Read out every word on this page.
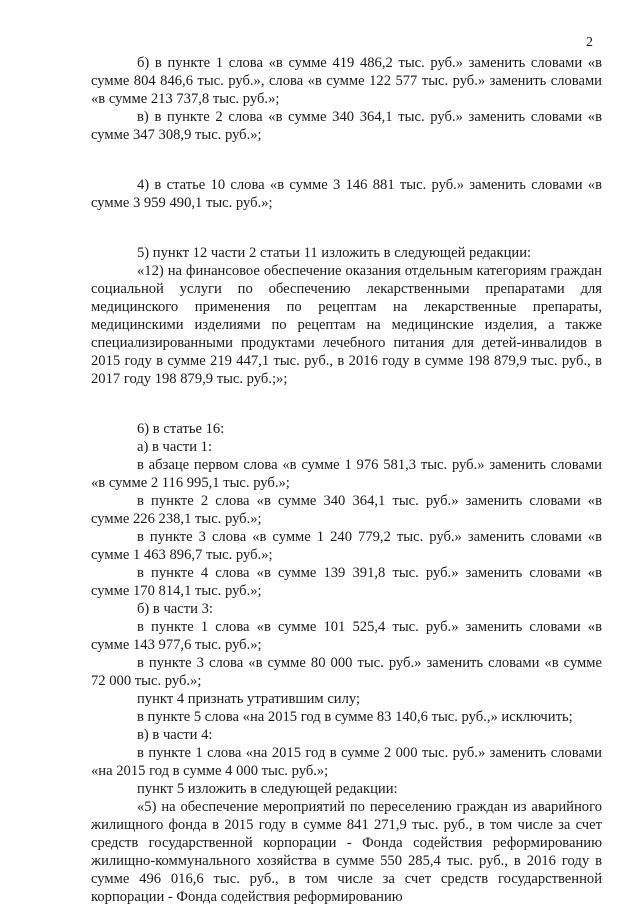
2

б) в пункте 1 слова «в сумме 419 486,2 тыс. руб.» заменить словами «в сумме 804 846,6 тыс. руб.», слова «в сумме 122 577 тыс. руб.» заменить словами «в сумме 213 737,8 тыс. руб.»;

в) в пункте 2 слова «в сумме 340 364,1 тыс. руб.» заменить словами «в сумме 347 308,9 тыс. руб.»;

4) в статье 10 слова «в сумме 3 146 881 тыс. руб.» заменить словами «в сумме 3 959 490,1 тыс. руб.»;

5) пункт 12 части 2 статьи 11 изложить в следующей редакции:

«12) на финансовое обеспечение оказания отдельным категориям граждан социальной услуги по обеспечению лекарственными препаратами для медицинского применения по рецептам на лекарственные препараты, медицинскими изделиями по рецептам на медицинские изделия, а также специализированными продуктами лечебного питания для детей-инвалидов в 2015 году в сумме 219 447,1 тыс. руб., в 2016 году в сумме 198 879,9 тыс. руб., в 2017 году 198 879,9 тыс. руб.;»;

6) в статье 16:

а) в части 1:

в абзаце первом слова «в сумме 1 976 581,3 тыс. руб.» заменить словами «в сумме 2 116 995,1 тыс. руб.»;

в пункте 2 слова «в сумме 340 364,1 тыс. руб.» заменить словами «в сумме 226 238,1 тыс. руб.»;

в пункте 3 слова «в сумме 1 240 779,2 тыс. руб.» заменить словами «в сумме 1 463 896,7 тыс. руб.»;

в пункте 4 слова «в сумме 139 391,8 тыс. руб.» заменить словами «в сумме 170 814,1 тыс. руб.»;

б) в части 3:

в пункте 1 слова «в сумме 101 525,4 тыс. руб.» заменить словами «в сумме 143 977,6 тыс. руб.»;

в пункте 3 слова «в сумме 80 000 тыс. руб.» заменить словами «в сумме 72 000 тыс. руб.»;

пункт 4 признать утратившим силу;

в пункте 5 слова «на 2015 год в сумме 83 140,6 тыс. руб.,» исключить;

в) в части 4:

в пункте 1 слова «на 2015 год в сумме 2 000 тыс. руб.» заменить словами «на 2015 год в сумме 4 000 тыс. руб.»;

пункт 5 изложить в следующей редакции:

«5) на обеспечение мероприятий по переселению граждан из аварийного жилищного фонда в 2015 году в сумме 841 271,9 тыс. руб., в том числе за счет средств государственной корпорации - Фонда содействия реформированию жилищно-коммунального хозяйства в сумме 550 285,4 тыс. руб., в 2016 году в сумме 496 016,6 тыс. руб., в том числе за счет средств государственной корпорации - Фонда содействия реформированию
